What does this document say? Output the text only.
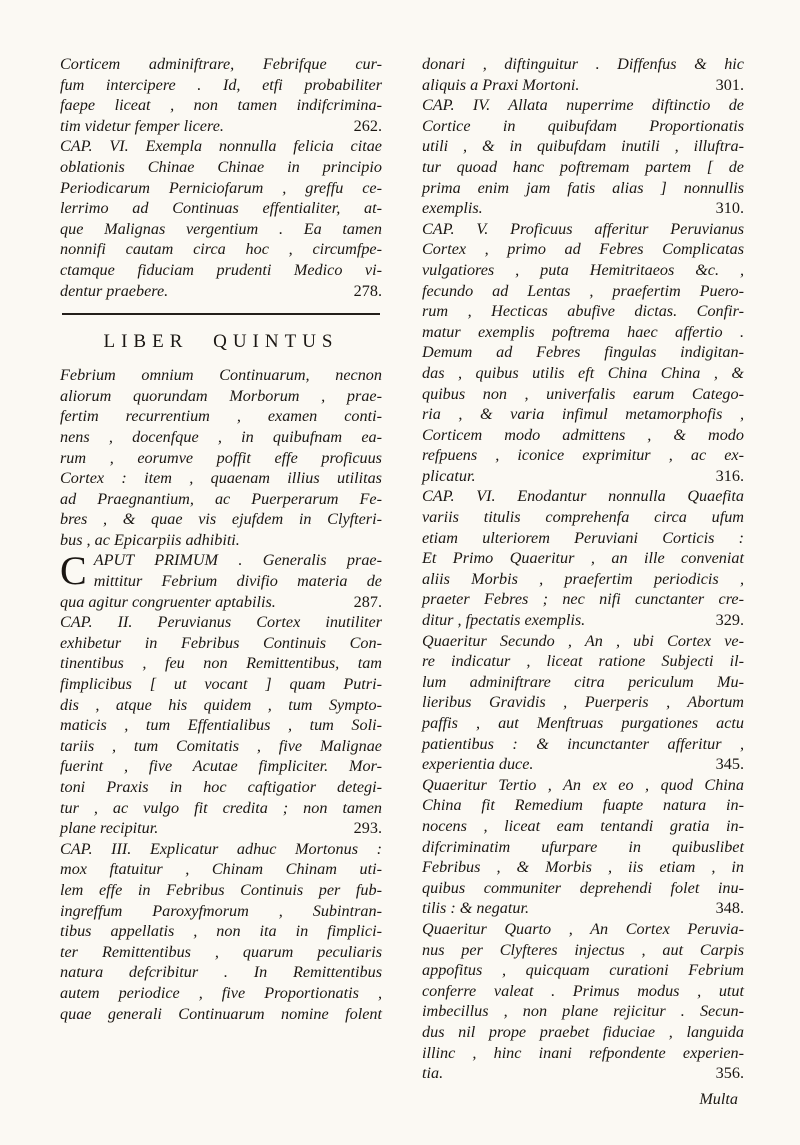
Corticem adminiftrare, Febrifque cur-
fum intercipere . Id, etfi probabiliter
faepe liceat , non tamen indifcrimina-
tim videtur femper licere.	262.
CAP. VI. Exempla nonnulla felicia citae
oblationis Chinae Chinae in principio
Periodicarum Perniciofarum , greffu ce-
lerrimo ad Continuas effentialiter, at-
que Malignas vergentium . Ea tamen
nonnifi cautam circa hoc , circumfpe-
ctamque fiduciam prudenti Medico vi-
dentur praebere.	278.
LIBER QUINTUS
Febrium omnium Continuarum, necnon
aliorum quorundam Morborum , prae-
fertim recurrentium , examen conti-
nens , docenfque , in quibufnam ea-
rum , eorumve poffit effe proficuus
Cortex : item , quaenam illius utilitas
ad Praegnantium, ac Puerperarum Fe-
bres , & quae vis ejufdem in Clyfteri-
bus , ac Epicarpiis adhibiti.
C APUT PRIMUM . Generalis prae-
mittitur Febrium divifio materia de
qua agitur congruenter aptabilis.	287.
CAP. II. Peruvianus Cortex inutiliter
exhibetur in Febribus Continuis Con-
tinentibus , feu non Remittentibus, tam
fimplicibus [ ut vocant ] quam Putri-
dis , atque his quidem , tum Sympto-
maticis , tum Effentialibus , tum Soli-
tariis , tum Comitatis , five Malignae
fuerint , five Acutae fimpliciter. Mor-
toni Praxis in hoc caftigatior detegi-
tur , ac vulgo fit credita ; non tamen
plane recipitur.	293.
CAP. III. Explicatur adhuc Mortonus :
mox ftatuitur , Chinam Chinam uti-
lem effe in Febribus Continuis per fub-
ingreffum Paroxyfmorum , Subintran-
tibus appellatis , non ita in fimplici-
ter Remittentibus , quarum peculiaris
natura defcribitur . In Remittentibus
autem periodice , five Proportionatis ,
quae generali Continuarum nomine folent
donari , diftinguitur . Diffenfus & hic
aliquis a Praxi Mortoni.	301.
CAP. IV. Allata nuperrime diftinctio de
Cortice in quibufdam Proportionatis
utili , & in quibufdam inutili , illuftra-
tur quoad hanc poftremam partem [ de
prima enim jam fatis alias ] nonnullis
exemplis.	310.
CAP. V. Proficuus afferitur Peruvianus
Cortex , primo ad Febres Complicatas
vulgatiores , puta Hemitritaeos &c. ,
fecundo ad Lentas , praefertim Puero-
rum , Hecticas abufive dictas. Confir-
matur exemplis poftrema haec affertio .
Demum ad Febres fingulas indigitan-
das , quibus utilis eft China China , &
quibus non , univerfalis earum Catego-
ria , & varia infimul metamorphofis ,
Corticem modo admittens , & modo
refpuens , iconice exprimitur , ac ex-
plicatur.	316.
CAP. VI. Enodantur nonnulla Quaefita
variis titulis comprehenfa circa ufum
etiam ulteriorem Peruviani Corticis :
Et Primo Quaeritur , an ille conveniat
aliis Morbis , praefertim periodicis ,
praeter Febres ; nec nifi cunctanter cre-
ditur , fpectatis exemplis.	329.
Quaeritur Secundo , An , ubi Cortex ve-
re indicatur , liceat ratione Subjecti il-
lum adminiftrare citra periculum Mu-
lieribus Gravidis , Puerperis , Abortum
paffis , aut Menftruas purgationes actu
patientibus : & incunctanter afferitur ,
experientia duce.	345.
Quaeritur Tertio , An ex eo , quod China
China fit Remedium fuapte natura in-
nocens , liceat eam tentandi gratia in-
difcriminatim ufurpare in quibuslibet
Febribus , & Morbis , iis etiam , in
quibus communiter deprehendi folet inu-
tilis : & negatur.	348.
Quaeritur Quarto , An Cortex Peruvia-
nus per Clyfteres injectus , aut Carpis
appofitus , quicquam curationi Febrium
conferre valeat . Primus modus , utut
imbecillus , non plane rejicitur . Secun-
dus nil prope praebet fiduciae , languida
illinc , hinc inani refpondente experien-
tia.	356.
Multa
